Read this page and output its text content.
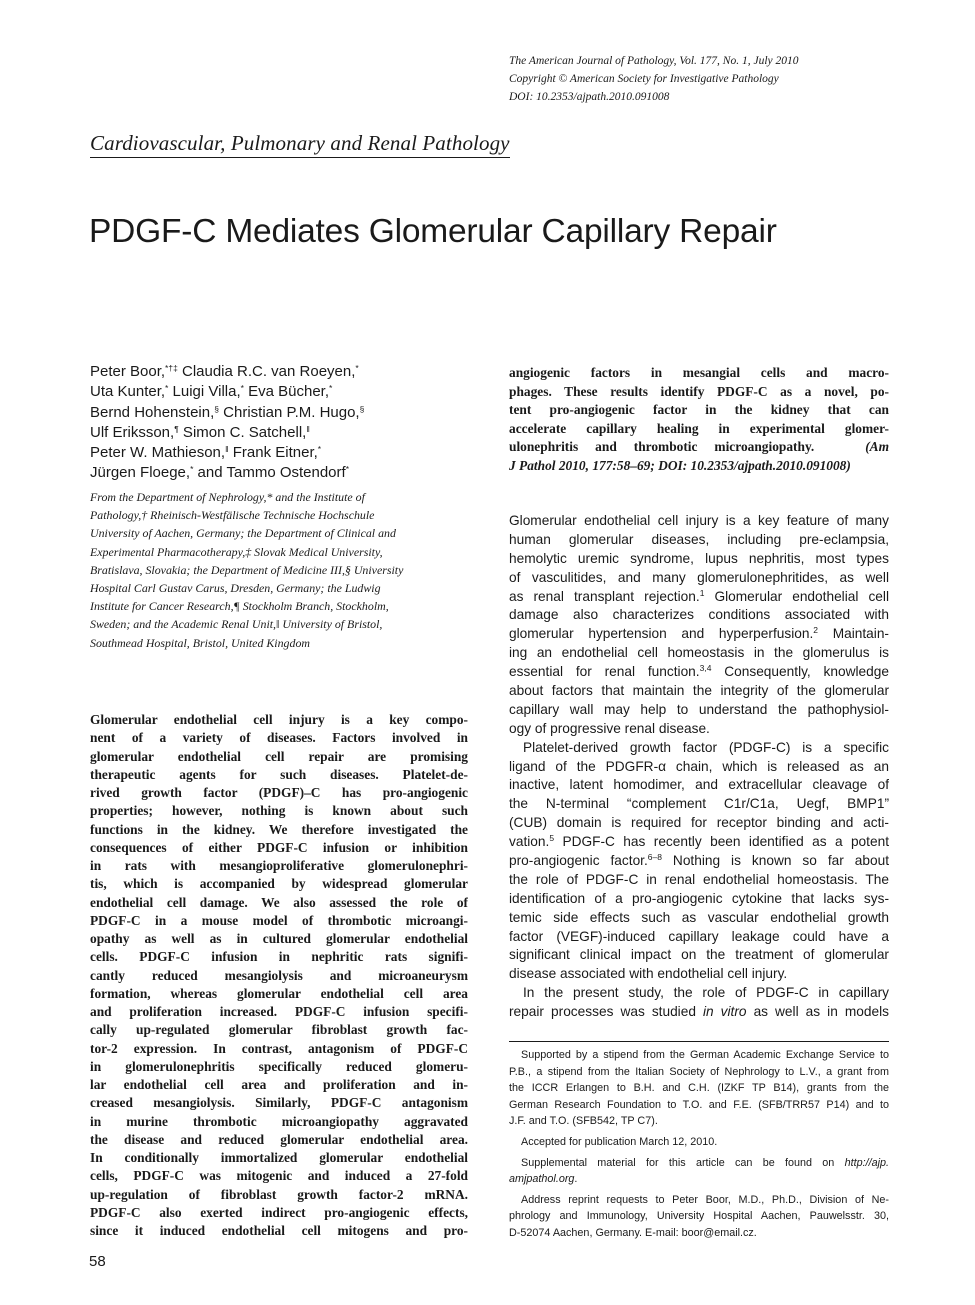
The American Journal of Pathology, Vol. 177, No. 1, July 2010
Copyright © American Society for Investigative Pathology
DOI: 10.2353/ajpath.2010.091008
Cardiovascular, Pulmonary and Renal Pathology
PDGF-C Mediates Glomerular Capillary Repair
Peter Boor,*†‡ Claudia R.C. van Roeyen,*
Uta Kunter,* Luigi Villa,* Eva Bücher,*
Bernd Hohenstein,§ Christian P.M. Hugo,§
Ulf Eriksson,¶ Simon C. Satchell,‖
Peter W. Mathieson,‖ Frank Eitner,*
Jürgen Floege,* and Tammo Ostendorf*
From the Department of Nephrology,* and the Institute of
Pathology,† Rheinisch-Westfälische Technische Hochschule
University of Aachen, Germany; the Department of Clinical and
Experimental Pharmacotherapy,‡ Slovak Medical University,
Bratislava, Slovakia; the Department of Medicine III,§ University
Hospital Carl Gustav Carus, Dresden, Germany; the Ludwig
Institute for Cancer Research,¶ Stockholm Branch, Stockholm,
Sweden; and the Academic Renal Unit,‖ University of Bristol,
Southmead Hospital, Bristol, United Kingdom
Glomerular endothelial cell injury is a key compo-
nent of a variety of diseases. Factors involved in
glomerular endothelial cell repair are promising
therapeutic agents for such diseases. Platelet-de-
rived growth factor (PDGF)–C has pro-angiogenic
properties; however, nothing is known about such
functions in the kidney. We therefore investigated the
consequences of either PDGF-C infusion or inhibition
in rats with mesangioproliferative glomerulonephri-
tis, which is accompanied by widespread glomerular
endothelial cell damage. We also assessed the role of
PDGF-C in a mouse model of thrombotic microangi-
opathy as well as in cultured glomerular endothelial
cells. PDGF-C infusion in nephritic rats signifi-
cantly reduced mesangiolysis and microaneurysm
formation, whereas glomerular endothelial cell area
and proliferation increased. PDGF-C infusion specifi-
cally up-regulated glomerular fibroblast growth fac-
tor-2 expression. In contrast, antagonism of PDGF-C
in glomerulonephritis specifically reduced glomeru-
lar endothelial cell area and proliferation and in-
creased mesangiolysis. Similarly, PDGF-C antagonism
in murine thrombotic microangiopathy aggravated
the disease and reduced glomerular endothelial area.
In conditionally immortalized glomerular endothelial
cells, PDGF-C was mitogenic and induced a 27-fold
up-regulation of fibroblast growth factor-2 mRNA.
PDGF-C also exerted indirect pro-angiogenic effects,
since it induced endothelial cell mitogens and pro-
angiogenic factors in mesangial cells and macro-
phages. These results identify PDGF-C as a novel, po-
tent pro-angiogenic factor in the kidney that can
accelerate capillary healing in experimental glomer-
ulonephritis and thrombotic microangiopathy.	(Am
J Pathol 2010, 177:58–69; DOI: 10.2353/ajpath.2010.091008)
Glomerular endothelial cell injury is a key feature of many
human glomerular diseases, including pre-eclampsia,
hemolytic uremic syndrome, lupus nephritis, most types
of vasculitides, and many glomerulonephritides, as well
as renal transplant rejection.$^1$ Glomerular endothelial cell
damage also characterizes conditions associated with
glomerular hypertension and hyperperfusion.$^2$ Maintain-
ing an endothelial cell homeostasis in the glomerulus is
essential for renal function.$^{3,4}$ Consequently, knowledge
about factors that maintain the integrity of the glomerular
capillary wall may help to understand the pathophysiol-
ogy of progressive renal disease.
Platelet-derived growth factor (PDGF-C) is a specific
ligand of the PDGFR-α chain, which is released as an
inactive, latent homodimer, and extracellular cleavage of
the N-terminal “complement C1r/C1a, Uegf, BMP1”
(CUB) domain is required for receptor binding and acti-
vation.$^5$ PDGF-C has recently been identified as a potent
pro-angiogenic factor.$^{6-8}$ Nothing is known so far about
the role of PDGF-C in renal endothelial homeostasis. The
identification of a pro-angiogenic cytokine that lacks sys-
temic side effects such as vascular endothelial growth
factor (VEGF)-induced capillary leakage could have a
significant clinical impact on the treatment of glomerular
disease associated with endothelial cell injury.
In the present study, the role of PDGF-C in capillary
repair processes was studied in vitro as well as in models
Supported by a stipend from the German Academic Exchange Service to
P.B., a stipend from the Italian Society of Nephrology to L.V., a grant from
the ICCR Erlangen to B.H. and C.H. (IZKF TP B14), grants from the
German Research Foundation to T.O. and F.E. (SFB/TRR57 P14) and to
J.F. and T.O. (SFB542, TP C7).
Accepted for publication March 12, 2010.
Supplemental material for this article can be found on http://ajp.
amjpathol.org.
Address reprint requests to Peter Boor, M.D., Ph.D., Division of Ne-
phrology and Immunology, University Hospital Aachen, Pauwelsstr. 30,
D-52074 Aachen, Germany. E-mail: boor@email.cz.
58
